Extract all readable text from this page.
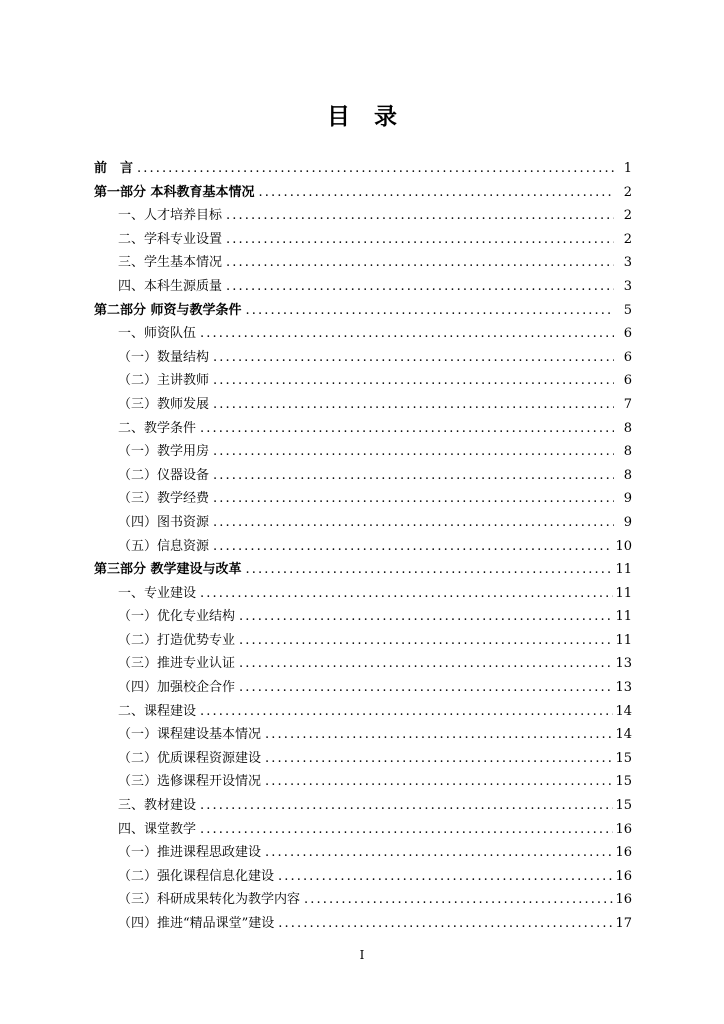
目 录
前　言 .....	1
第一部分 本科教育基本情况 .....	2
一、人才培养目标 .....	2
二、学科专业设置 .....	2
三、学生基本情况 .....	3
四、本科生源质量 .....	3
第二部分 师资与教学条件 .....	5
一、师资队伍 .....	6
（一）数量结构 .....	6
（二）主讲教师 .....	6
（三）教师发展 .....	7
二、教学条件 .....	8
（一）教学用房 .....	8
（二）仪器设备 .....	8
（三）教学经费 .....	9
（四）图书资源 .....	9
（五）信息资源 .....	10
第三部分 教学建设与改革 .....	11
一、专业建设 .....	11
（一）优化专业结构 .....	11
（二）打造优势专业 .....	11
（三）推进专业认证 .....	13
（四）加强校企合作 .....	13
二、课程建设 .....	14
（一）课程建设基本情况 .....	14
（二）优质课程资源建设 .....	15
（三）选修课程开设情况 .....	15
三、教材建设 .....	15
四、课堂教学 .....	16
（一）推进课程思政建设 .....	16
（二）强化课程信息化建设 .....	16
（三）科研成果转化为教学内容 .....	16
（四）推进“精品课堂”建设 .....	17
I
